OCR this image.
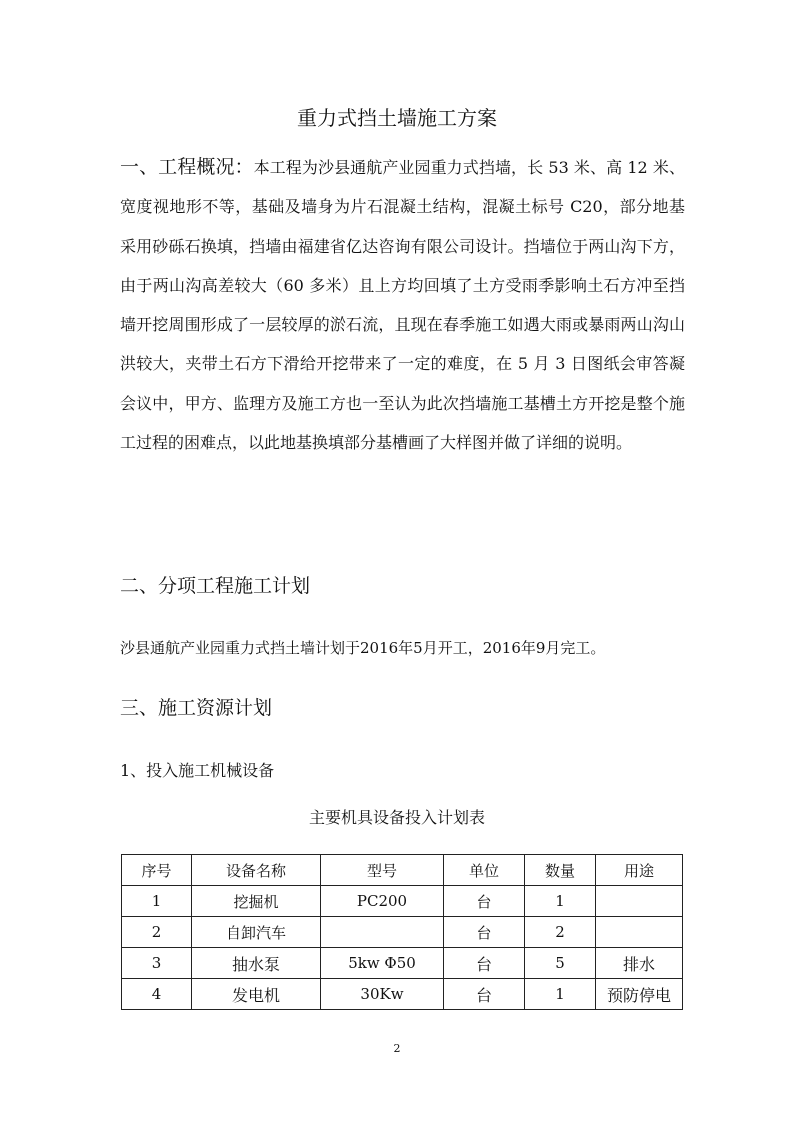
重力式挡土墙施工方案
一、工程概况：本工程为沙县通航产业园重力式挡墙，长 53 米、高 12 米、宽度视地形不等，基础及墙身为片石混凝土结构，混凝土标号 C20，部分地基采用砂砾石换填，挡墙由福建省亿达咨询有限公司设计。挡墙位于两山沟下方，由于两山沟高差较大（60 多米）且上方均回填了土方受雨季影响土石方冲至挡墙开挖周围形成了一层较厚的淤石流，且现在春季施工如遇大雨或暴雨两山沟山洪较大，夹带土石方下滑给开挖带来了一定的难度，在 5 月 3 日图纸会审答凝会议中，甲方、监理方及施工方也一至认为此次挡墙施工基槽土方开挖是整个施工过程的困难点，以此地基换填部分基槽画了大样图并做了详细的说明。
二、分项工程施工计划
沙县通航产业园重力式挡土墙计划于2016年5月开工，2016年9月完工。
三、施工资源计划
1、投入施工机械设备
主要机具设备投入计划表
序号	设备名称	型号	单位	数量	用途
1	挖掘机	PC200	台	1	
2	自卸汽车		台	2	
3	抽水泵	5kw Φ50	台	5	排水
4	发电机	30Kw	台	1	预防停电
2
